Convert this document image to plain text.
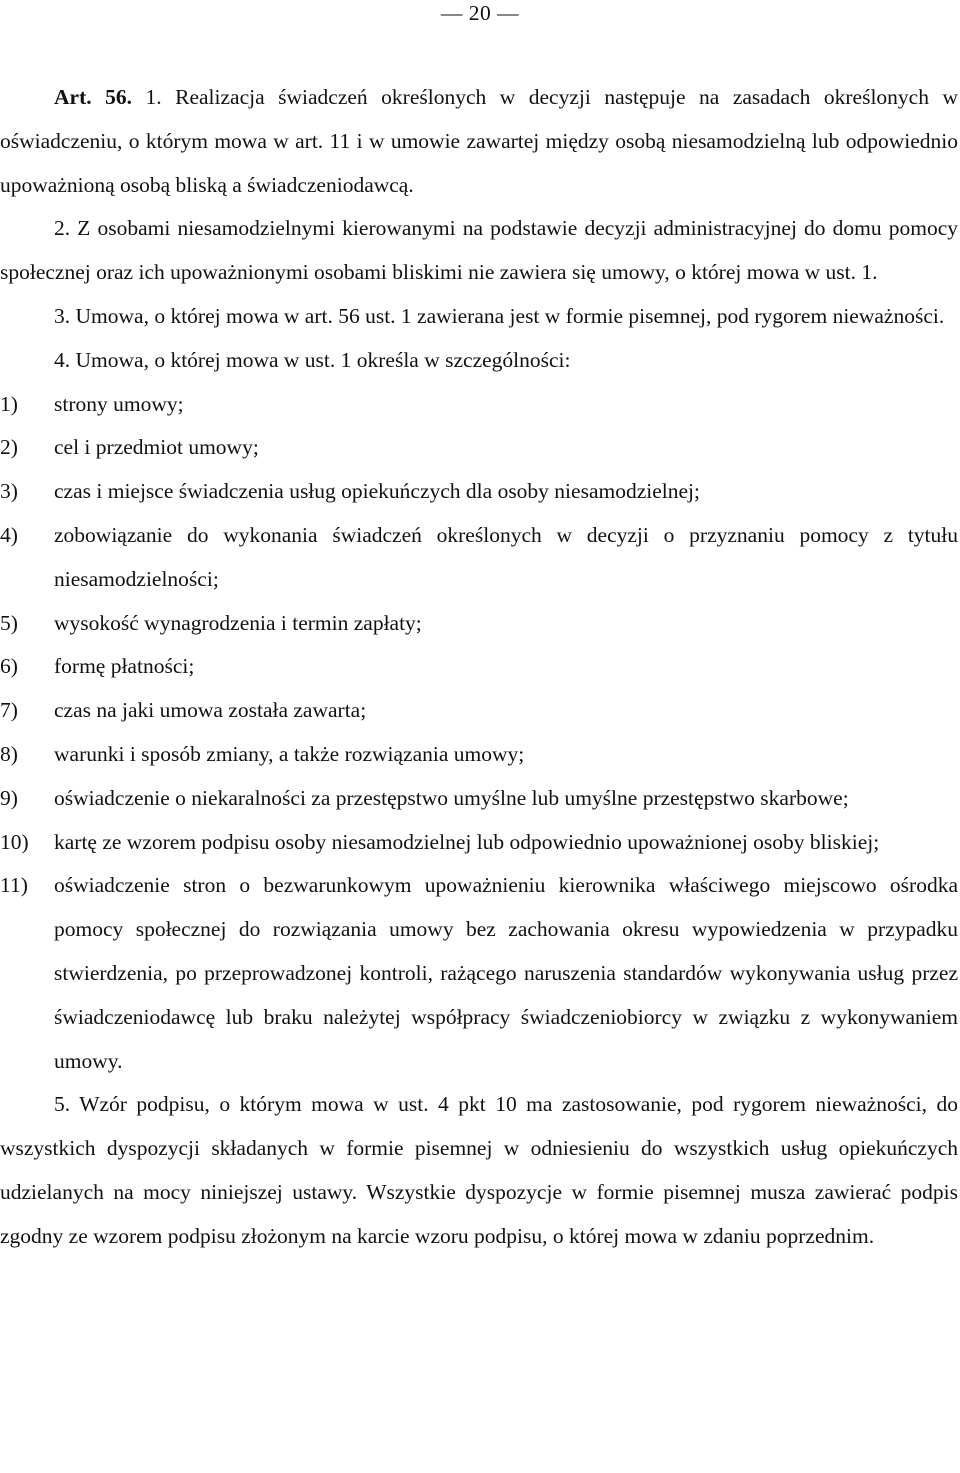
— 20 —

Art. 56. 1. Realizacja świadczeń określonych w decyzji następuje na zasadach określonych w oświadczeniu, o którym mowa w art. 11 i w umowie zawartej między osobą niesamodzielną lub odpowiednio upoważnioną osobą bliską a świadczeniodawcą.

2. Z osobami niesamodzielnymi kierowanymi na podstawie decyzji administracyjnej do domu pomocy społecznej oraz ich upoważnionymi osobami bliskimi nie zawiera się umowy, o której mowa w ust. 1.

3. Umowa, o której mowa w art. 56 ust. 1 zawierana jest w formie pisemnej, pod rygorem nieważności.

4. Umowa, o której mowa w ust. 1 określa w szczególności:

1)	strony umowy;
2)	cel i przedmiot umowy;
3)	czas i miejsce świadczenia usług opiekuńczych dla osoby niesamodzielnej;
4)	zobowiązanie do wykonania świadczeń określonych w decyzji o przyznaniu pomocy z tytułu niesamodzielności;
5)	wysokość wynagrodzenia i termin zapłaty;
6)	formę płatności;
7)	czas na jaki umowa została zawarta;
8)	warunki i sposób zmiany, a także rozwiązania umowy;
9)	oświadczenie o niekaralności za przestępstwo umyślne lub umyślne przestępstwo skarbowe;
10)	kartę ze wzorem podpisu osoby niesamodzielnej lub odpowiednio upoważnionej osoby bliskiej;
11)	oświadczenie stron o bezwarunkowym upoważnieniu kierownika właściwego miejscowo ośrodka pomocy społecznej do rozwiązania umowy bez zachowania okresu wypowiedzenia w przypadku stwierdzenia, po przeprowadzonej kontroli, rażącego naruszenia standardów wykonywania usług przez świadczeniodawcę lub braku należytej współpracy świadczeniobiorcy w związku z wykonywaniem umowy.

5. Wzór podpisu, o którym mowa w ust. 4 pkt 10 ma zastosowanie, pod rygorem nieważności, do wszystkich dyspozycji składanych w formie pisemnej w odniesieniu do wszystkich usług opiekuńczych udzielanych na mocy niniejszej ustawy. Wszystkie dyspozycje w formie pisemnej musza zawierać podpis zgodny ze wzorem podpisu złożonym na karcie wzoru podpisu, o której mowa w zdaniu poprzednim.
